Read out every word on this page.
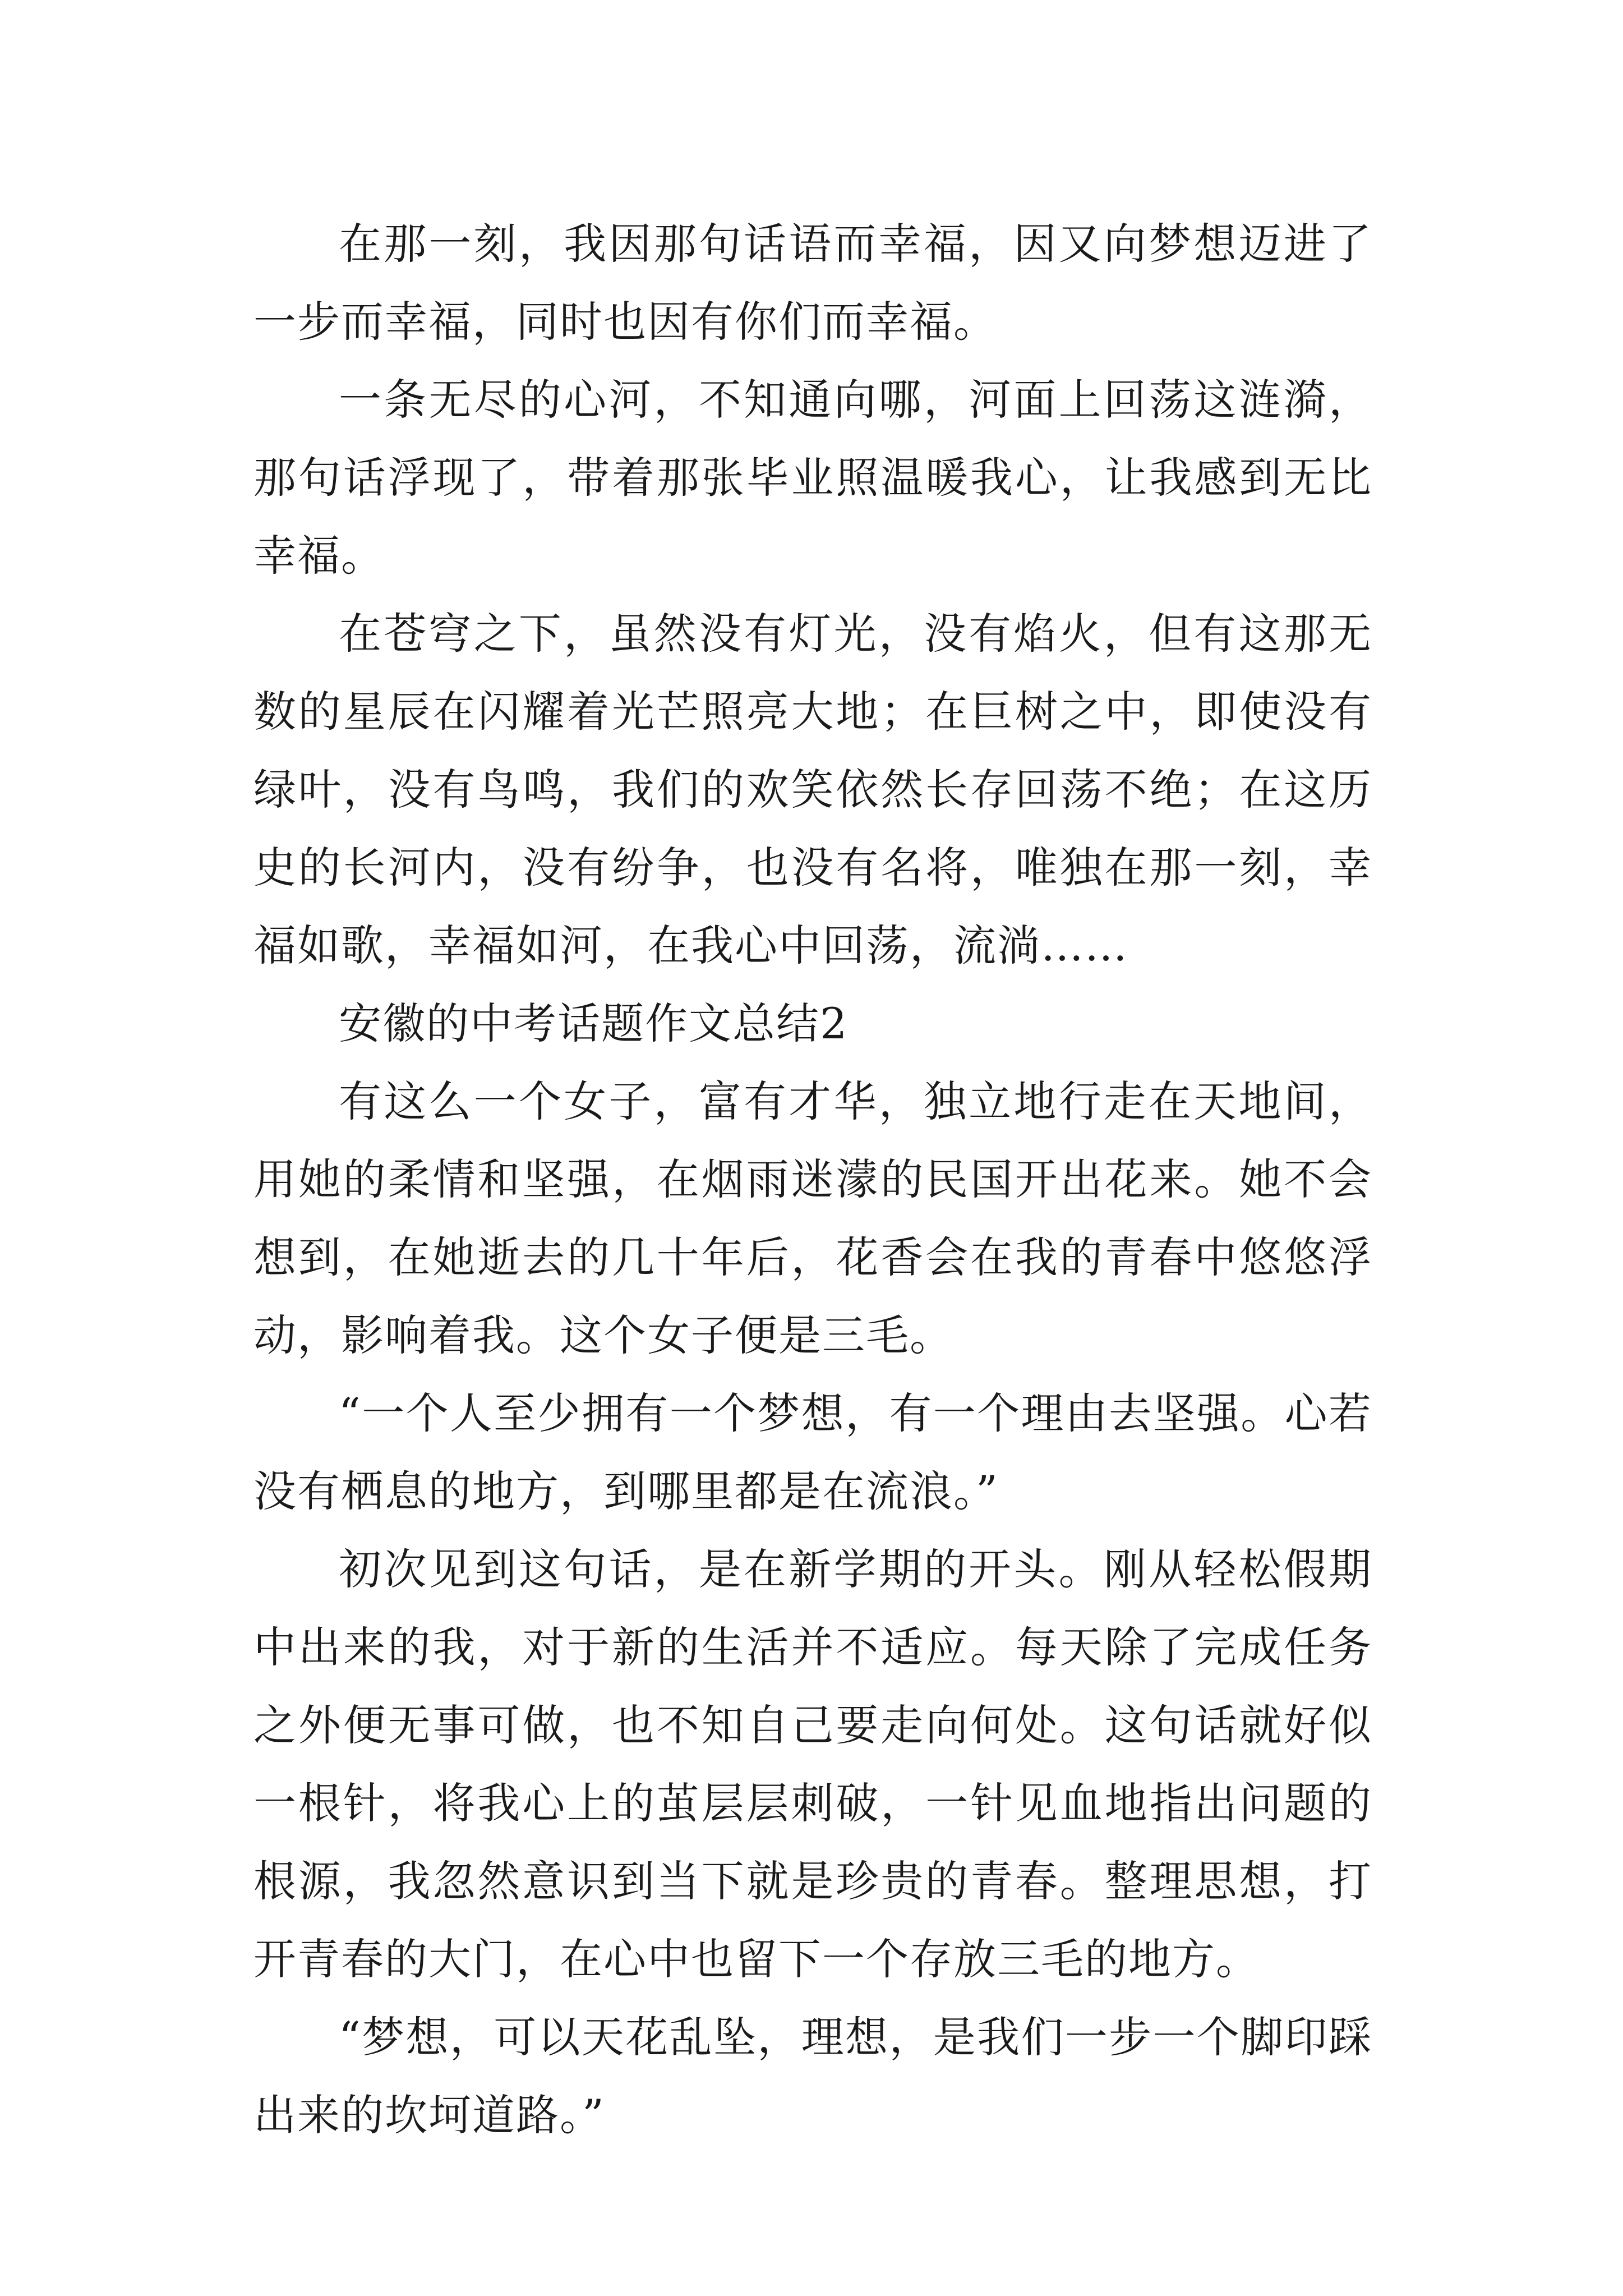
在那一刻，我因那句话语而幸福，因又向梦想迈进了一步而幸福，同时也因有你们而幸福。

一条无尽的心河，不知通向哪，河面上回荡这涟漪，那句话浮现了，带着那张毕业照温暖我心，让我感到无比幸福。

在苍穹之下，虽然没有灯光，没有焰火，但有这那无数的星辰在闪耀着光芒照亮大地；在巨树之中，即使没有绿叶，没有鸟鸣，我们的欢笑依然长存回荡不绝；在这历史的长河内，没有纷争，也没有名将，唯独在那一刻，幸福如歌，幸福如河，在我心中回荡，流淌……

安徽的中考话题作文总结2

有这么一个女子，富有才华，独立地行走在天地间，用她的柔情和坚强，在烟雨迷濛的民国开出花来。她不会想到，在她逝去的几十年后，花香会在我的青春中悠悠浮动，影响着我。这个女子便是三毛。

“一个人至少拥有一个梦想，有一个理由去坚强。心若没有栖息的地方，到哪里都是在流浪。”

初次见到这句话，是在新学期的开头。刚从轻松假期中出来的我，对于新的生活并不适应。每天除了完成任务之外便无事可做，也不知自己要走向何处。这句话就好似一根针，将我心上的茧层层刺破，一针见血地指出问题的根源，我忽然意识到当下就是珍贵的青春。整理思想，打开青春的大门，在心中也留下一个存放三毛的地方。

“梦想，可以天花乱坠，理想，是我们一步一个脚印踩出来的坎坷道路。”
